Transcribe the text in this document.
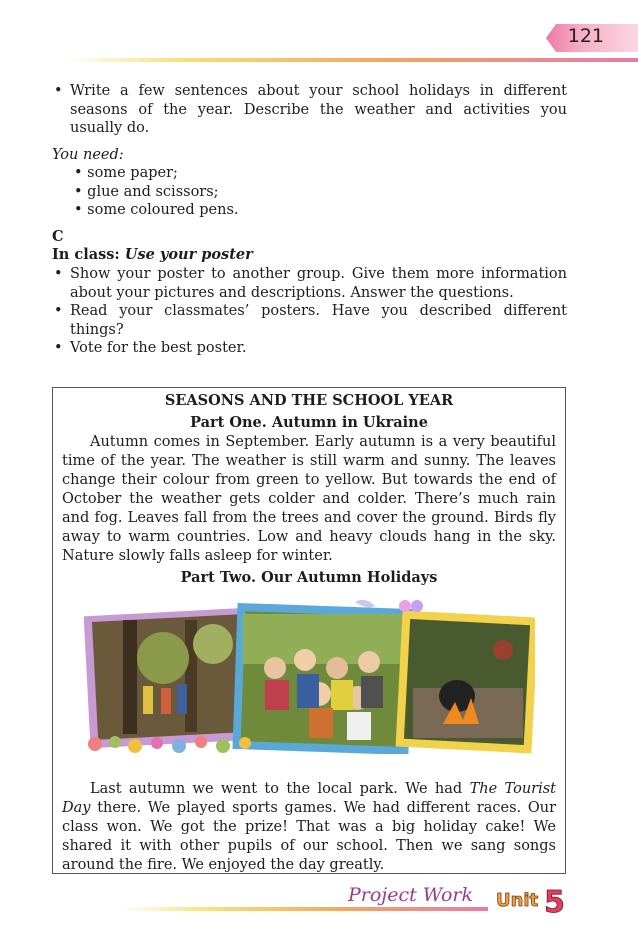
121
• Write a few sentences about your school holidays in different seasons of the year. Describe the weather and activities you usually do.
You need:
• some paper;
• glue and scissors;
• some coloured pens.
C
In class: Use your poster
• Show your poster to another group. Give them more information about your pictures and descriptions. Answer the questions.
• Read your classmates’ posters. Have you described different things?
• Vote for the best poster.
SEASONS AND THE SCHOOL YEAR
Part One. Autumn in Ukraine
Autumn comes in September. Early autumn is a very beautiful time of the year. The weather is still warm and sunny. The leaves change their colour from green to yellow. But towards the end of October the weather gets colder and colder. There’s much rain and fog. Leaves fall from the trees and cover the ground. Birds fly away to warm countries. Low and heavy clouds hang in the sky. Nature slowly falls asleep for winter.
Part Two. Our Autumn Holidays
Last autumn we went to the local park. We had The Tourist Day there. We played sports games. We had different races. Our class won. We got the prize! That was a big holiday cake! We shared it with other pupils of our school. Then we sang songs around the fire. We enjoyed the day greatly.
Project Work Unit 5
